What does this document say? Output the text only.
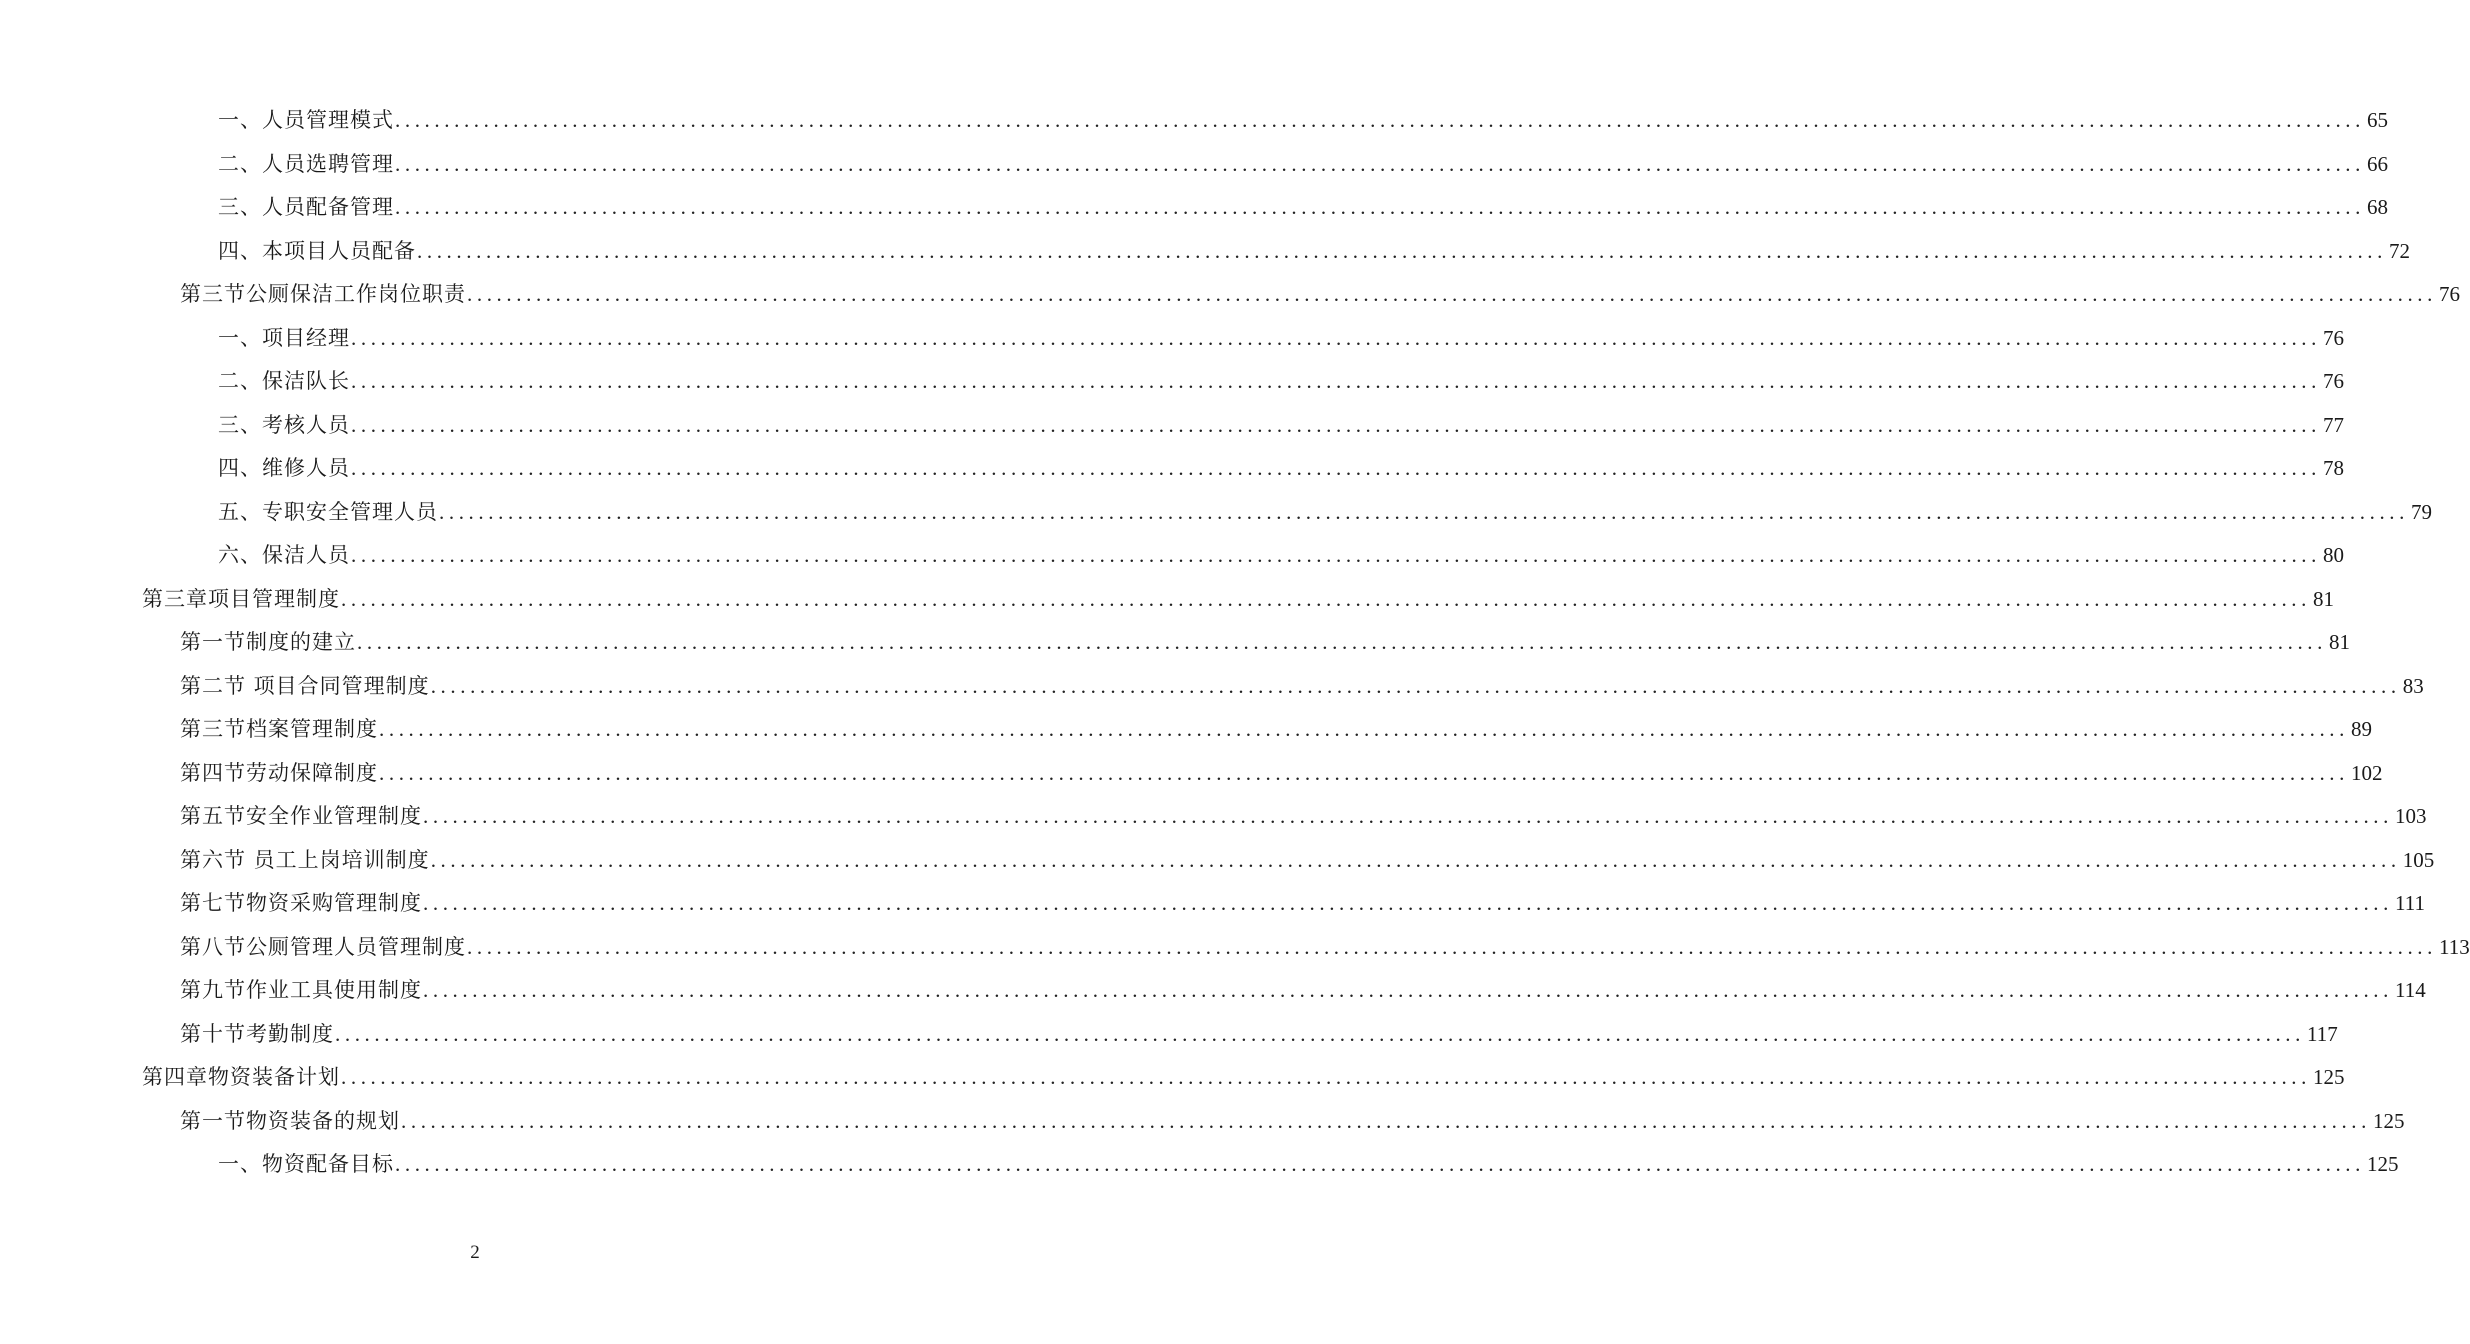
一、人员管理模式 ........................................................................................................................................................................................................ 65
二、人员选聘管理 ........................................................................................................................................................................................................ 66
三、人员配备管理 ........................................................................................................................................................................................................ 68
四、本项目人员配备 ........................................................................................................................................................................................................ 72
第三节公厕保洁工作岗位职责 ........................................................................................................................................................................................................ 76
一、项目经理 ........................................................................................................................................................................................................ 76
二、保洁队长 ........................................................................................................................................................................................................ 76
三、考核人员 ........................................................................................................................................................................................................ 77
四、维修人员 ........................................................................................................................................................................................................ 78
五、专职安全管理人员 ........................................................................................................................................................................................................ 79
六、保洁人员 ........................................................................................................................................................................................................ 80
第三章项目管理制度 ........................................................................................................................................................................................................ 81
第一节制度的建立 ........................................................................................................................................................................................................ 81
第二节 项目合同管理制度 ........................................................................................................................................................................................................ 83
第三节档案管理制度 ........................................................................................................................................................................................................ 89
第四节劳动保障制度 ........................................................................................................................................................................................................ 102
第五节安全作业管理制度 ........................................................................................................................................................................................................ 103
第六节 员工上岗培训制度 ........................................................................................................................................................................................................ 105
第七节物资采购管理制度 ........................................................................................................................................................................................................ 111
第八节公厕管理人员管理制度 ........................................................................................................................................................................................................ 113
第九节作业工具使用制度 ........................................................................................................................................................................................................ 114
第十节考勤制度 ........................................................................................................................................................................................................ 117
第四章物资装备计划 ........................................................................................................................................................................................................ 125
第一节物资装备的规划 ........................................................................................................................................................................................................ 125
一、物资配备目标 ........................................................................................................................................................................................................ 125
2
